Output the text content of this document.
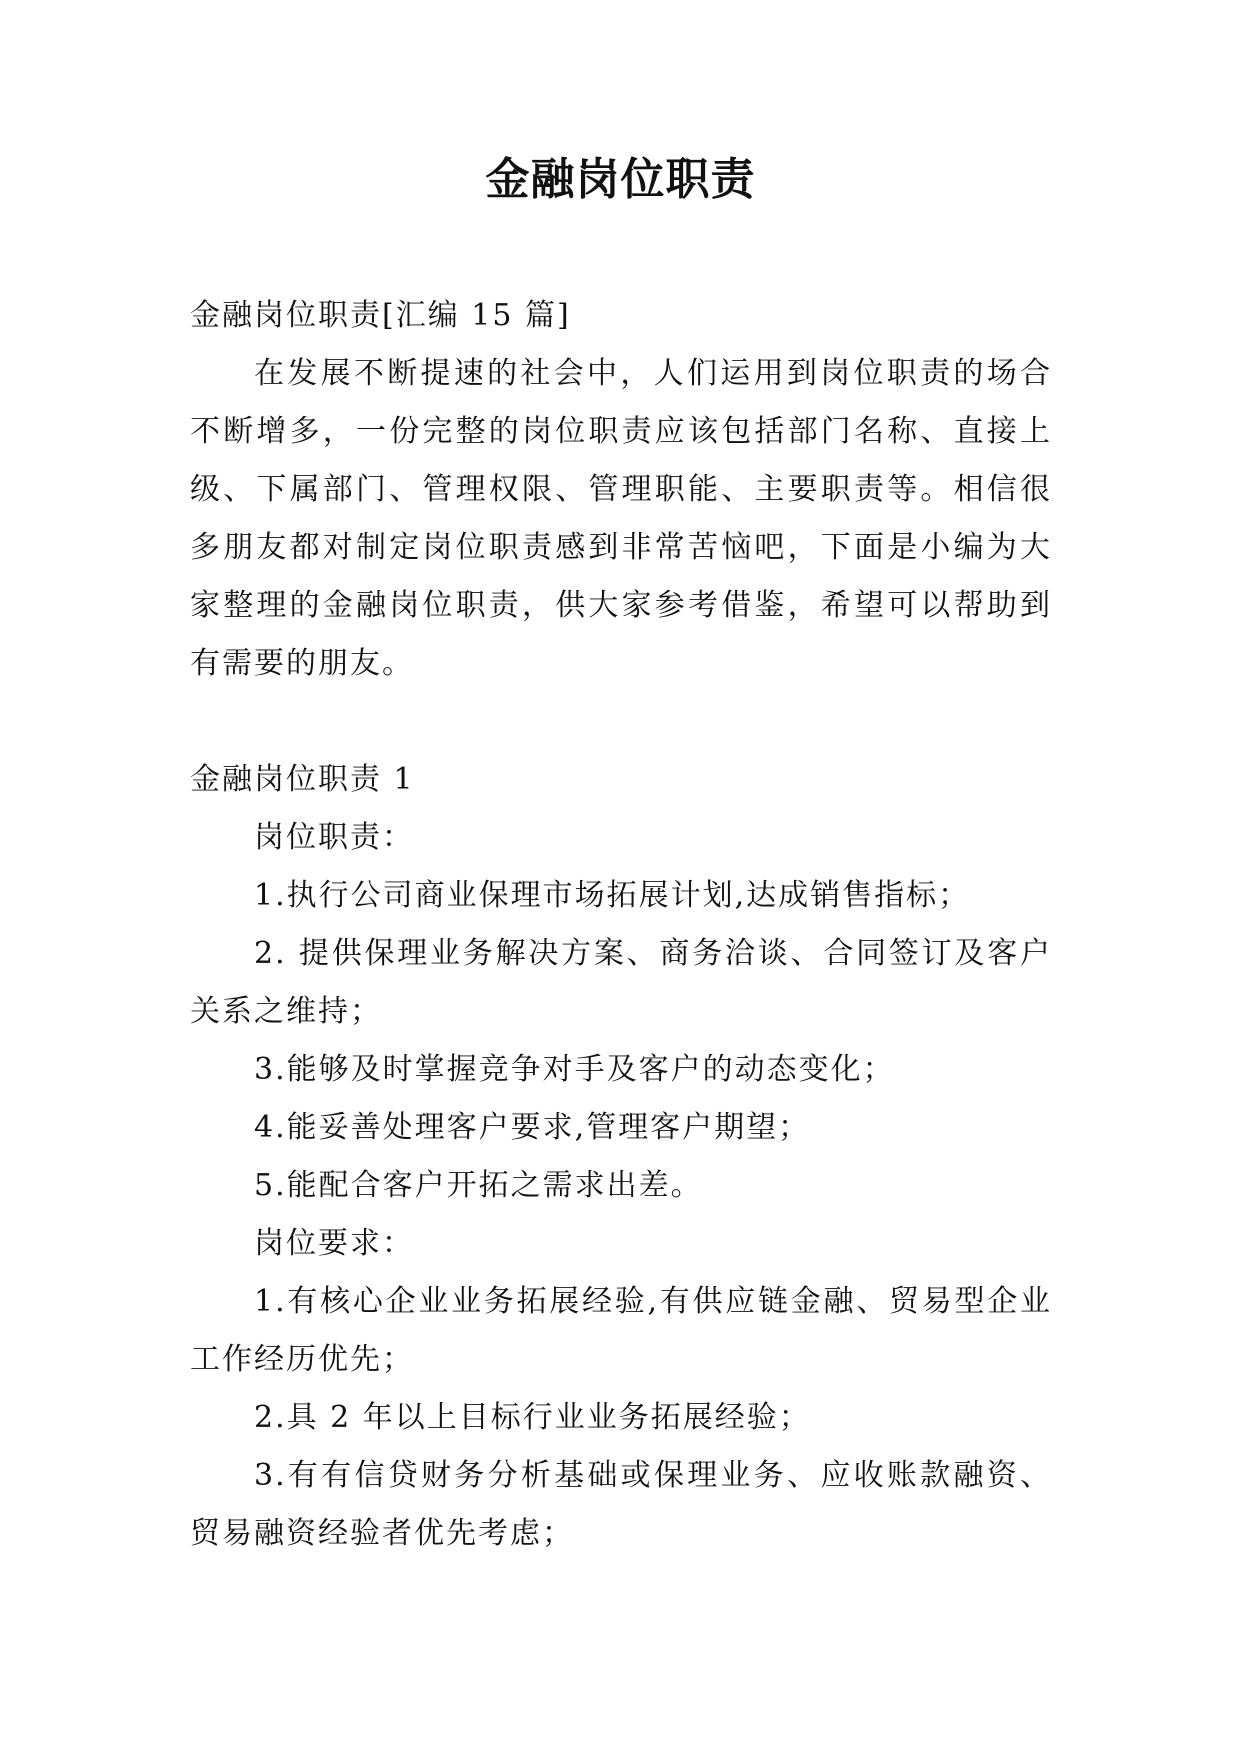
金融岗位职责

金融岗位职责[汇编 15 篇]

在发展不断提速的社会中，人们运用到岗位职责的场合不断增多，一份完整的岗位职责应该包括部门名称、直接上级、下属部门、管理权限、管理职能、主要职责等。相信很多朋友都对制定岗位职责感到非常苦恼吧，下面是小编为大家整理的金融岗位职责，供大家参考借鉴，希望可以帮助到有需要的朋友。

金融岗位职责 1

岗位职责：

1.执行公司商业保理市场拓展计划,达成销售指标；

2. 提供保理业务解决方案、商务洽谈、合同签订及客户关系之维持；

3.能够及时掌握竞争对手及客户的动态变化；

4.能妥善处理客户要求,管理客户期望；

5.能配合客户开拓之需求出差。

岗位要求：

1.有核心企业业务拓展经验,有供应链金融、贸易型企业工作经历优先；

2.具 2 年以上目标行业业务拓展经验；

3.有有信贷财务分析基础或保理业务、应收账款融资、贸易融资经验者优先考虑；
